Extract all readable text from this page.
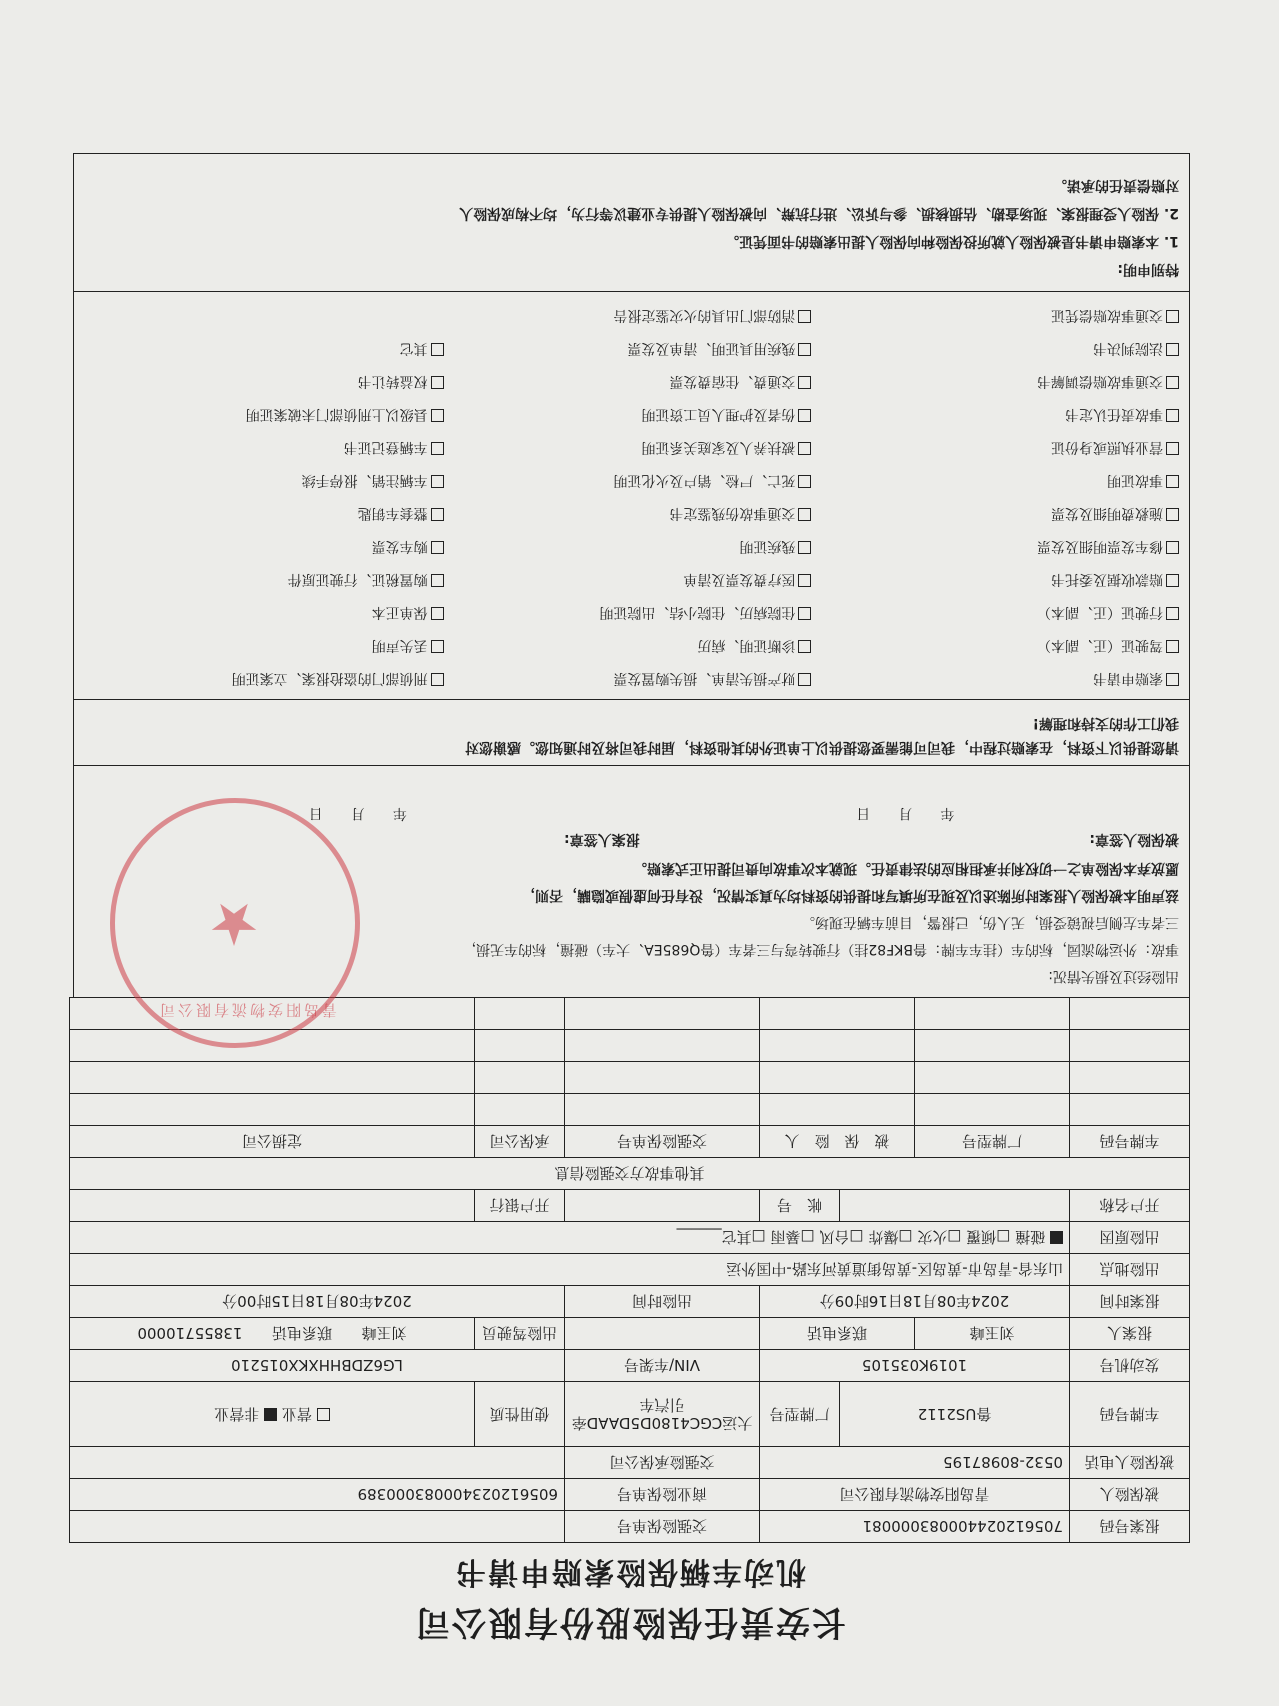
长安责任保险股份有限公司
机动车辆保险索赔申请书
报案号码	70561202440008300008​1			交强险保单号		
被保险人	青岛阳安物流有限公司			商业险保单号	605612023400083000389	
被保险人电话	0532-80987195			交强险承保公司		
车牌号码	鲁US2112		厂牌型号	大运CGC4180D5DAAD牵引汽车	使用性质	营业  非营业
发动机号	1019K035105			VIN/车架号	LG6ZDBHHXKX015210	
报案人	刘玉峰	联系电话			出险驾驶员	刘玉峰  联系电话  13855710000
报案时间	2024年08月18日16时09分			出险时间	2024年08月18日15时00分	
出险地点	山东省-青岛市-黄岛区-黄岛街道黄河东路-中国外运					
出险原因	碰撞 □倾覆 □火灾 □爆炸 □台风 □暴雨 □其它______					
开户名称			帐　号		开户银行	
其他事故方交强险信息						
车牌号码	厂牌型号	被　保　险　人		交强险保单号	承保公司	定损公司

出险经过及损失情况:

事故：外运物流园，标的车（挂车车牌：鲁BKF82挂）行驶转弯与三者车（鲁Q685EA、大车）碰撞，标的车无损，

三者车左侧后视镜受损，无人伤，已报警，目前车辆在现场。

兹声明本被保险人报案时所陈述以及现在所填写和提供的资料均为真实情况，没有任何虚假或隐瞒，否则，

愿放弃本保险单之一切权利并承担相应的法律责任。现就本次事故向贵司提出正式索赔。

被保险人签章:
报案人签章:
年　　月　　日
年　　月　　日
请您提供以下资料，在索赔过程中，我司可能需要您提供以上单证外的其他资料，届时我司将及时通知您。感谢您对
我们工作的支持和理解!
索赔申请书
财产损失清单、损失购置发票
刑侦部门的盗抢报案、立案证明
驾驶证（正、副本）
诊断证明、病历
丢失声明
行驶证（正、副本）
住院病历、住院小结、出院证明
保单正本
赔款收据及委托书
医疗费发票及清单
购置税证、行驶证原件
修车发票明细及发票
残疾证明
购车发票
施救费明细及发票
交通事故伤残鉴定书
整套车钥匙
事故证明
死亡、尸检、销户及火化证明
车辆注销、报停手续
营业执照或身份证
被扶养人及家庭关系证明
车辆登记证书
事故责任认定书
伤者及护理人员工资证明
县级以上刑侦部门未破案证明
交通事故赔偿调解书
交通费、住宿费发票
权益转让书
法院判决书
残疾用具证明、清单及发票
其它
交通事故赔偿凭证
消防部门出具的火灾鉴定报告

特别申明:

1. 本索赔申请书是被保险人就所投保险种向保险人提出索赔的书面凭证。

2. 保险人受理报案、现场查勘、估损核损、参与诉讼、进行抗辩、向被保险人提供专业建议等行为，均不构成保险人

对赔偿责任的承诺。

青岛阳安物流有限公司
★
